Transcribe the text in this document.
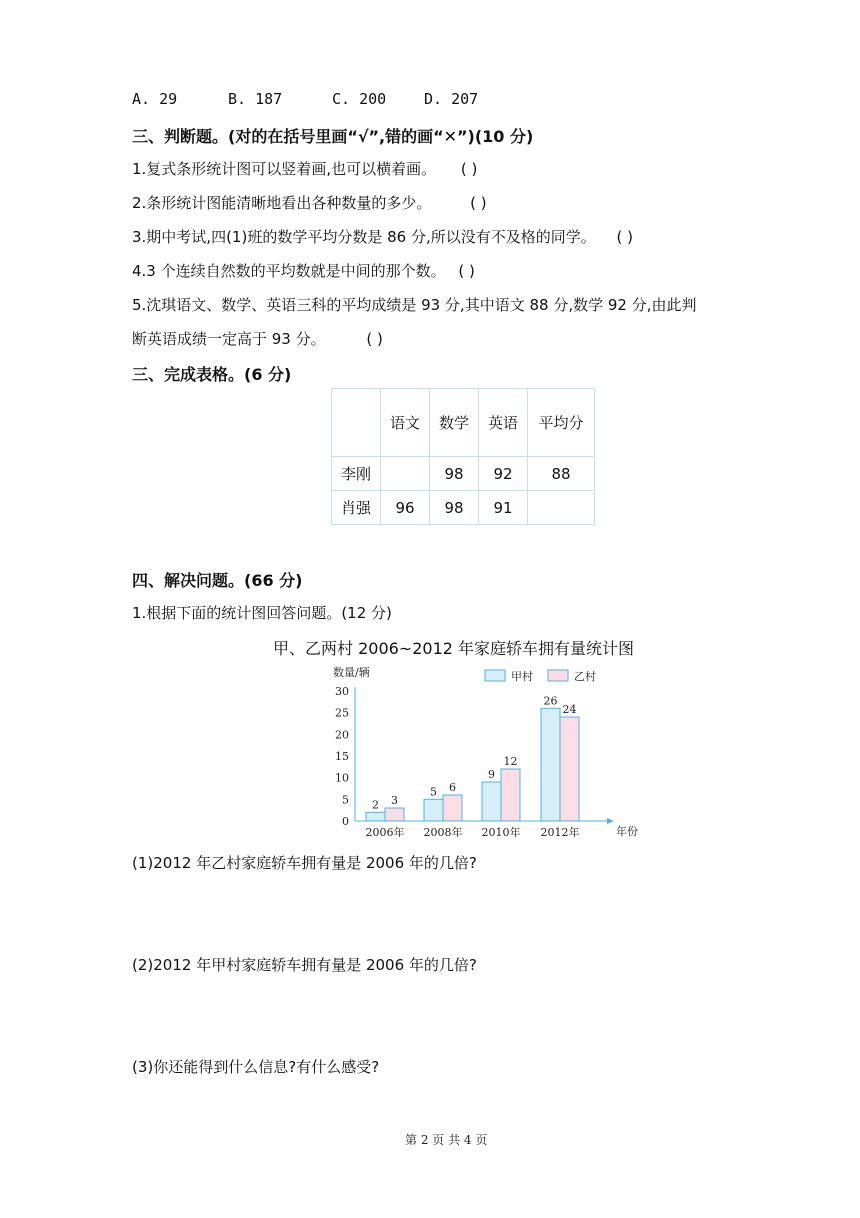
A. 29	B. 187	C. 200	D. 207
三、判断题。(对的在括号里画“√”,错的画“✕”)(10 分)
1.复式条形统计图可以竖着画,也可以横着画。 ( )
2.条形统计图能清晰地看出各种数量的多少。	( )
3.期中考试,四(1)班的数学平均分数是 86 分,所以没有不及格的同学。 ( )
4.3 个连续自然数的平均数就是中间的那个数。 ( )
5.沈琪语文、数学、英语三科的平均成绩是 93 分,其中语文 88 分,数学 92 分,由此判
断英语成绩一定高于 93 分。	( )
三、完成表格。(6 分)
	语文	数学	英语	平均分
李刚		98	92	88
肖强	96	98	91	
四、解决问题。(66 分)
1.根据下面的统计图回答问题。(12 分)
甲、乙两村 2006~2012 年家庭轿车拥有量统计图
数量/辆
0
5
10
15
20
25
30
年份
2 3
2006年
5 6
2008年
9
12
2010年
26
24
2012年
甲村	乙村
(1)2012 年乙村家庭轿车拥有量是 2006 年的几倍?
(2)2012 年甲村家庭轿车拥有量是 2006 年的几倍?
(3)你还能得到什么信息?有什么感受?
第 2 页 共 4 页
